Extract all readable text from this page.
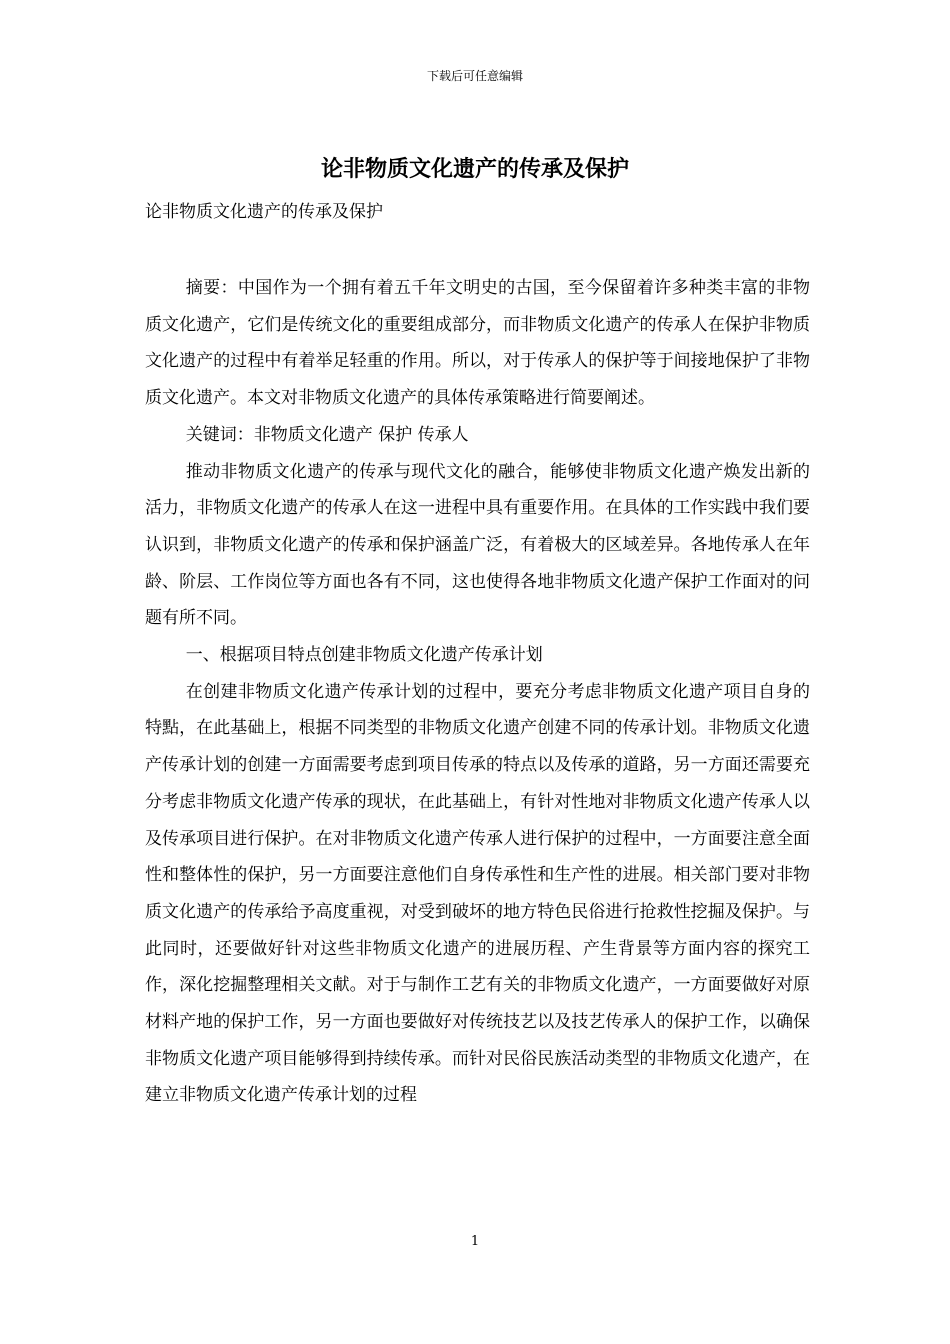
下载后可任意编辑
论非物质文化遗产的传承及保护
论非物质文化遗产的传承及保护

摘要：中国作为一个拥有着五千年文明史的古国，至今保留着许多种类丰富的非物质文化遗产，它们是传统文化的重要组成部分，而非物质文化遗产的传承人在保护非物质文化遗产的过程中有着举足轻重的作用。所以，对于传承人的保护等于间接地保护了非物质文化遗产。本文对非物质文化遗产的具体传承策略进行简要阐述。

关键词：非物质文化遗产 保护 传承人

推动非物质文化遗产的传承与现代文化的融合，能够使非物质文化遗产焕发出新的活力，非物质文化遗产的传承人在这一进程中具有重要作用。在具体的工作实践中我们要认识到，非物质文化遗产的传承和保护涵盖广泛，有着极大的区域差异。各地传承人在年龄、阶层、工作岗位等方面也各有不同，这也使得各地非物质文化遗产保护工作面对的问题有所不同。

一、根据项目特点创建非物质文化遗产传承计划

在创建非物质文化遗产传承计划的过程中，要充分考虑非物质文化遗产项目自身的特點，在此基础上，根据不同类型的非物质文化遗产创建不同的传承计划。非物质文化遗产传承计划的创建一方面需要考虑到项目传承的特点以及传承的道路，另一方面还需要充分考虑非物质文化遗产传承的现状，在此基础上，有针对性地对非物质文化遗产传承人以及传承项目进行保护。在对非物质文化遗产传承人进行保护的过程中，一方面要注意全面性和整体性的保护，另一方面要注意他们自身传承性和生产性的进展。相关部门要对非物质文化遗产的传承给予高度重视，对受到破坏的地方特色民俗进行抢救性挖掘及保护。与此同时，还要做好针对这些非物质文化遗产的进展历程、产生背景等方面内容的探究工作，深化挖掘整理相关文献。对于与制作工艺有关的非物质文化遗产，一方面要做好对原材料产地的保护工作，另一方面也要做好对传统技艺以及技艺传承人的保护工作，以确保非物质文化遗产项目能够得到持续传承。而针对民俗民族活动类型的非物质文化遗产，在建立非物质文化遗产传承计划的过程

1
